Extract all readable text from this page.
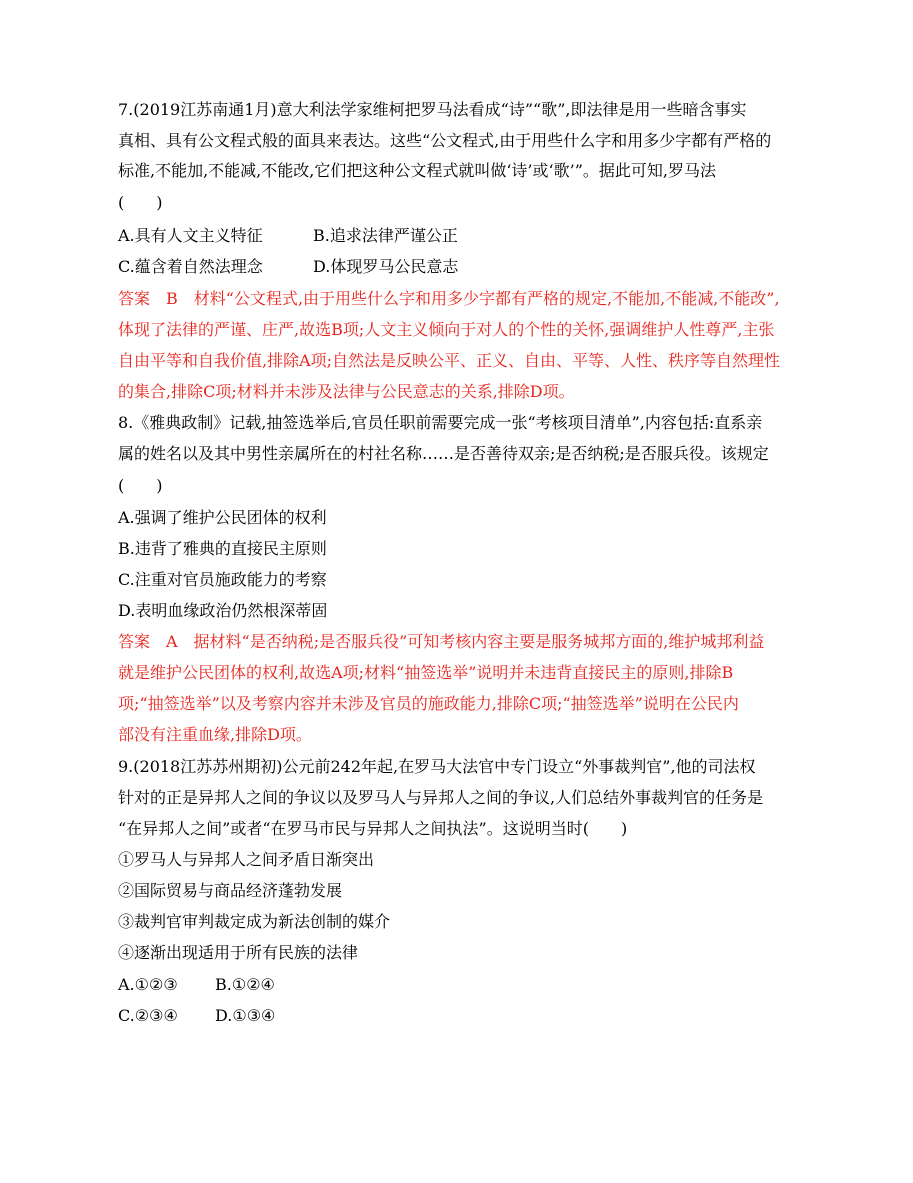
7.(2019江苏南通1月)意大利法学家维柯把罗马法看成“诗”“歌”,即法律是用一些暗含事实
真相、具有公文程式般的面具来表达。这些“公文程式,由于用些什么字和用多少字都有严格的
标准,不能加,不能减,不能改,它们把这种公文程式就叫做‘诗’或‘歌’”。据此可知,罗马法
(　　)
A.具有人文主义特征	B.追求法律严谨公正
C.蕴含着自然法理念	D.体现罗马公民意志
答案　B　材料“公文程式,由于用些什么字和用多少字都有严格的规定,不能加,不能减,不能改”,
体现了法律的严谨、庄严,故选B项;人文主义倾向于对人的个性的关怀,强调维护人性尊严,主张
自由平等和自我价值,排除A项;自然法是反映公平、正义、自由、平等、人性、秩序等自然理性
的集合,排除C项;材料并未涉及法律与公民意志的关系,排除D项。
8.《雅典政制》记载,抽签选举后,官员任职前需要完成一张“考核项目清单”,内容包括:直系亲
属的姓名以及其中男性亲属所在的村社名称……是否善待双亲;是否纳税;是否服兵役。该规定
(　　)
A.强调了维护公民团体的权利
B.违背了雅典的直接民主原则
C.注重对官员施政能力的考察
D.表明血缘政治仍然根深蒂固
答案　A　据材料“是否纳税;是否服兵役”可知考核内容主要是服务城邦方面的,维护城邦利益
就是维护公民团体的权利,故选A项;材料“抽签选举”说明并未违背直接民主的原则,排除B
项;“抽签选举”以及考察内容并未涉及官员的施政能力,排除C项;“抽签选举”说明在公民内
部没有注重血缘,排除D项。
9.(2018江苏苏州期初)公元前242年起,在罗马大法官中专门设立“外事裁判官”,他的司法权
针对的正是异邦人之间的争议以及罗马人与异邦人之间的争议,人们总结外事裁判官的任务是
“在异邦人之间”或者“在罗马市民与异邦人之间执法”。这说明当时(　　)
①罗马人与异邦人之间矛盾日渐突出
②国际贸易与商品经济蓬勃发展
③裁判官审判裁定成为新法创制的媒介
④逐渐出现适用于所有民族的法律
A.①②③ B.①②④
C.②③④ D.①③④
